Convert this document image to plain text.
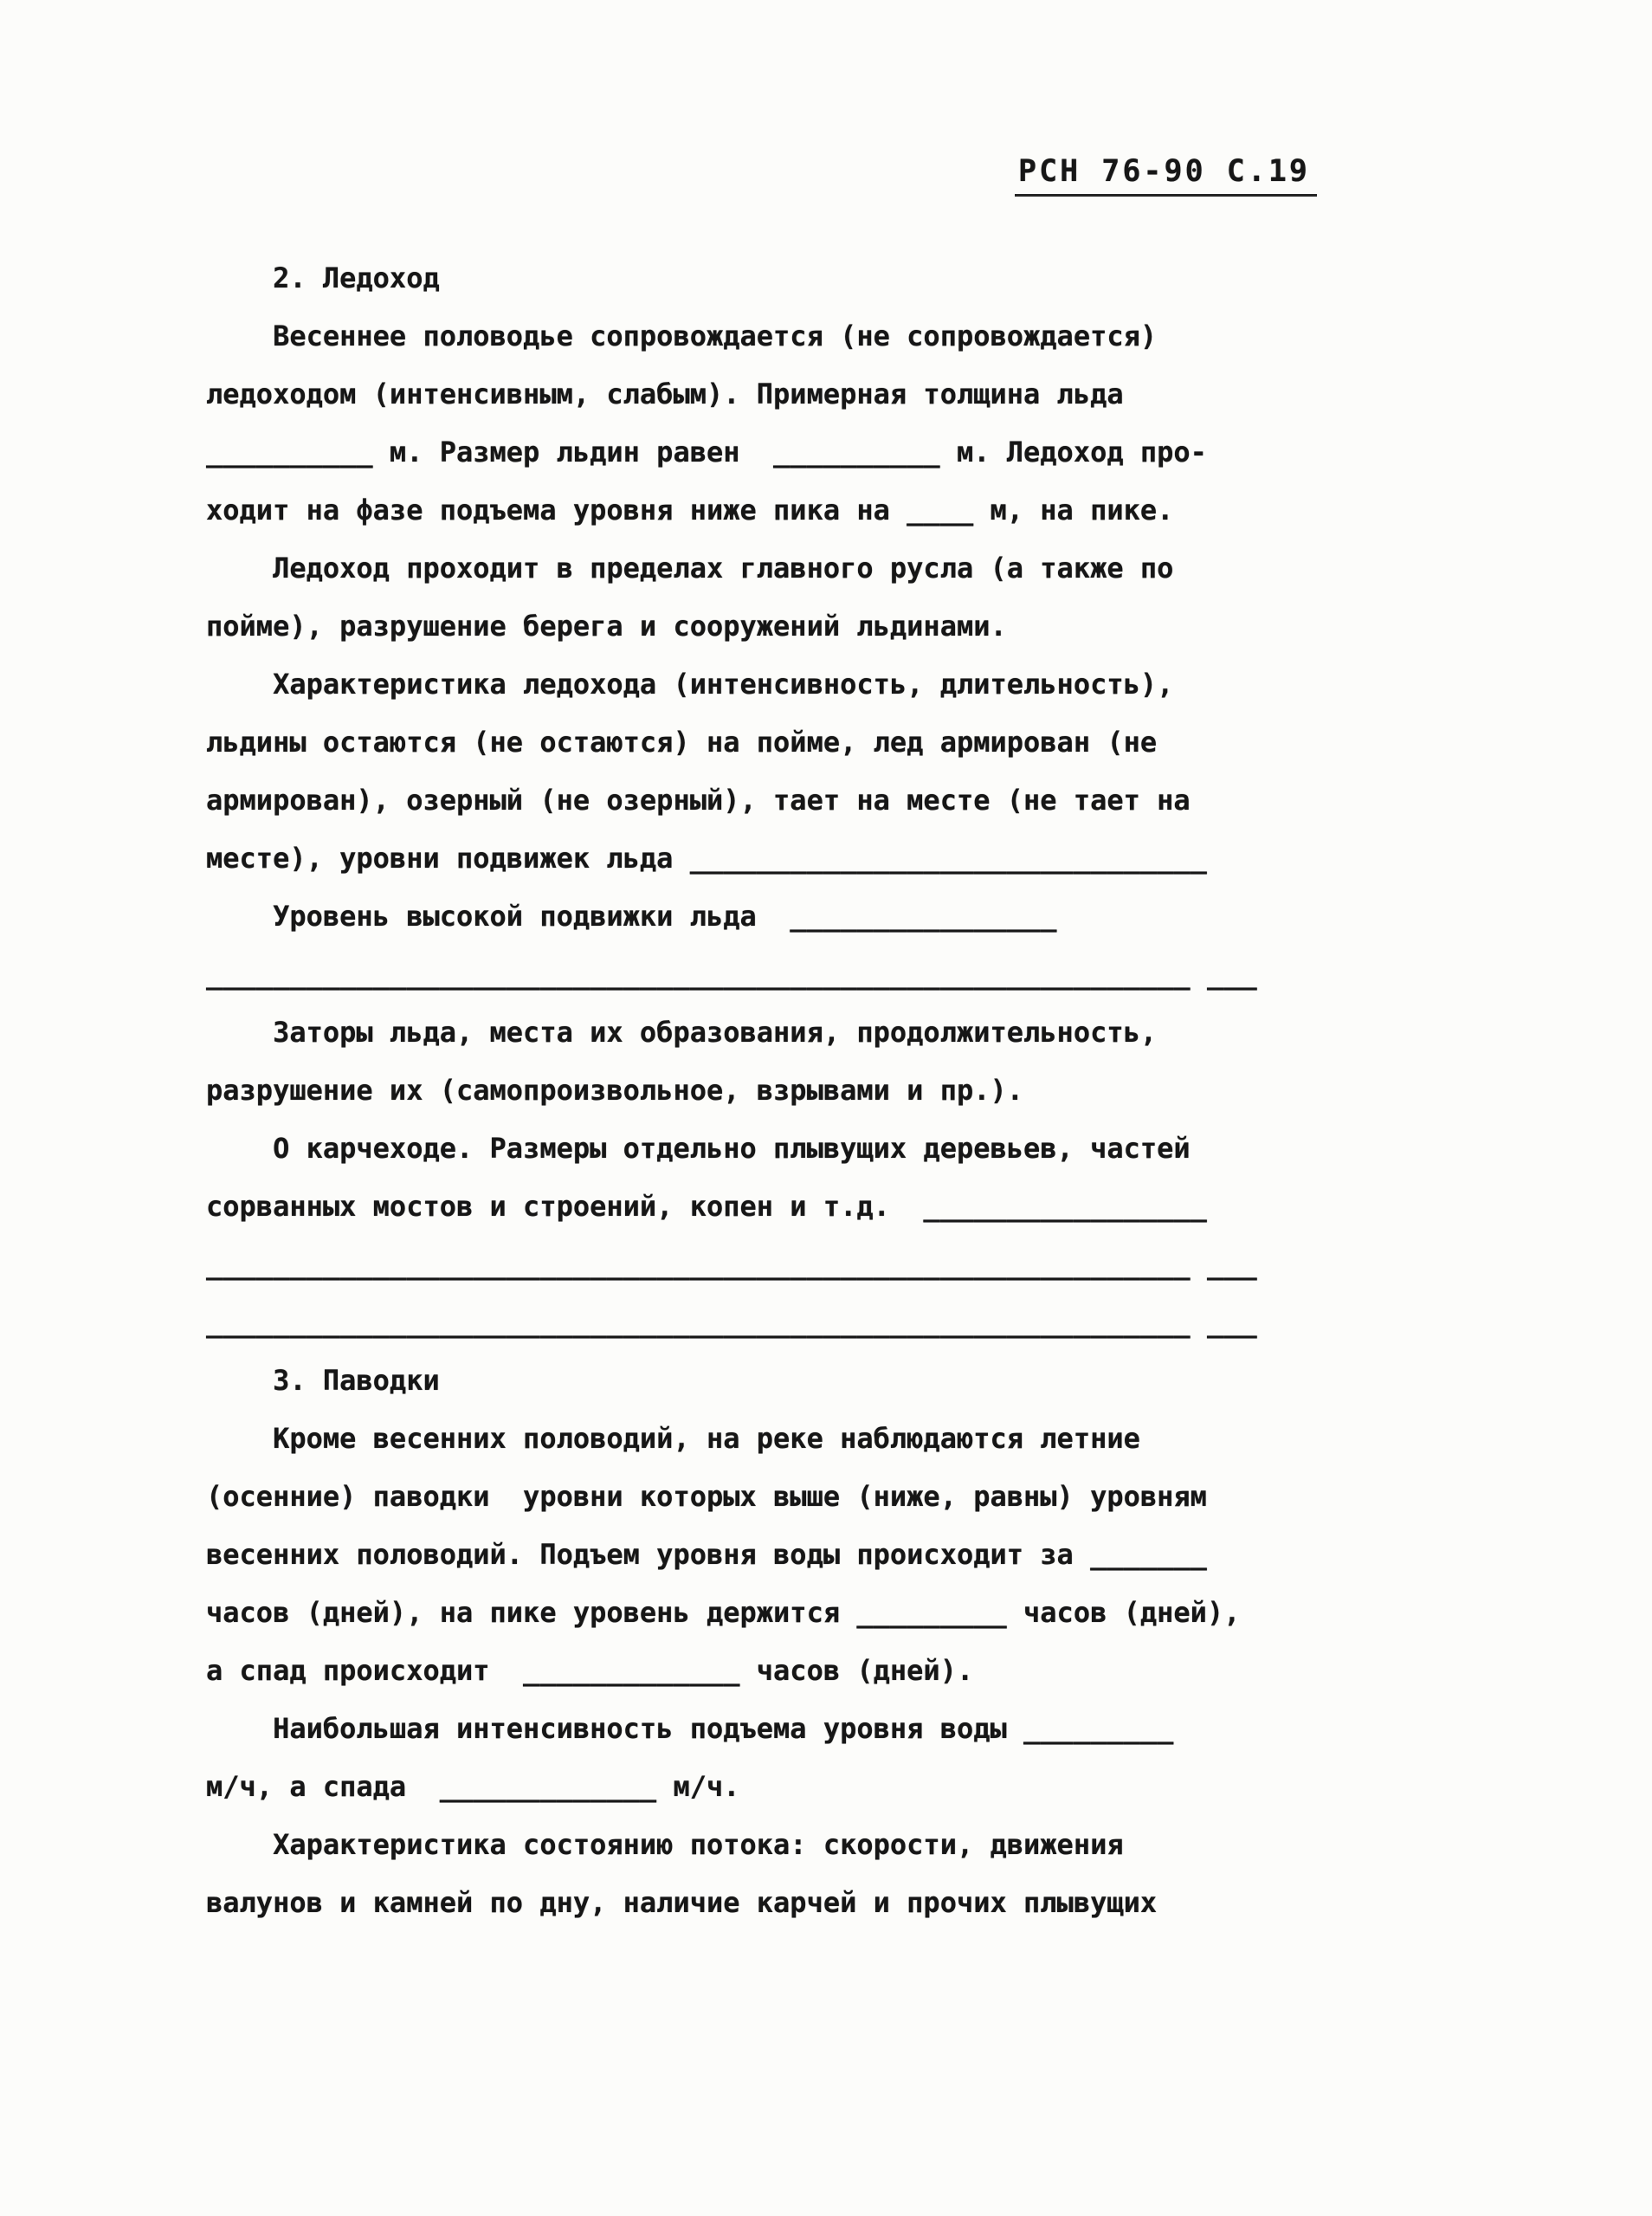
РСН 76-90 С.19
2. Ледоход
Весеннее половодье сопровождается (не сопровождается)
ледоходом (интенсивным, слабым). Примерная толщина льда
__________ м. Размер льдин равен  __________ м. Ледоход про-
ходит на фазе подъема уровня ниже пика на ____ м, на пике.
Ледоход проходит в пределах главного русла (а также по
пойме), разрушение берега и сооружений льдинами.
Характеристика ледохода (интенсивность, длительность),
льдины остаются (не остаются) на пойме, лед армирован (не
армирован), озерный (не озерный), тает на месте (не тает на
месте), уровни подвижек льда _______________________________
Уровень высокой подвижки льда  ________________
___________________________________________________________ ___
Заторы льда, места их образования, продолжительность,
разрушение их (самопроизвольное, взрывами и пр.).
О карчеходе. Размеры отдельно плывущих деревьев, частей
сорванных мостов и строений, копен и т.д.  _________________
___________________________________________________________ ___
___________________________________________________________ ___
3. Паводки
Кроме весенних половодий, на реке наблюдаются летние
(осенние) паводки  уровни которых выше (ниже, равны) уровням
весенних половодий. Подъем уровня воды происходит за _______
часов (дней), на пике уровень держится _________ часов (дней),
а спад происходит  _____________ часов (дней).
Наибольшая интенсивность подъема уровня воды _________
м/ч, а спада  _____________ м/ч.
Характеристика состоянию потока: скорости, движения
валунов и камней по дну, наличие карчей и прочих плывущих
